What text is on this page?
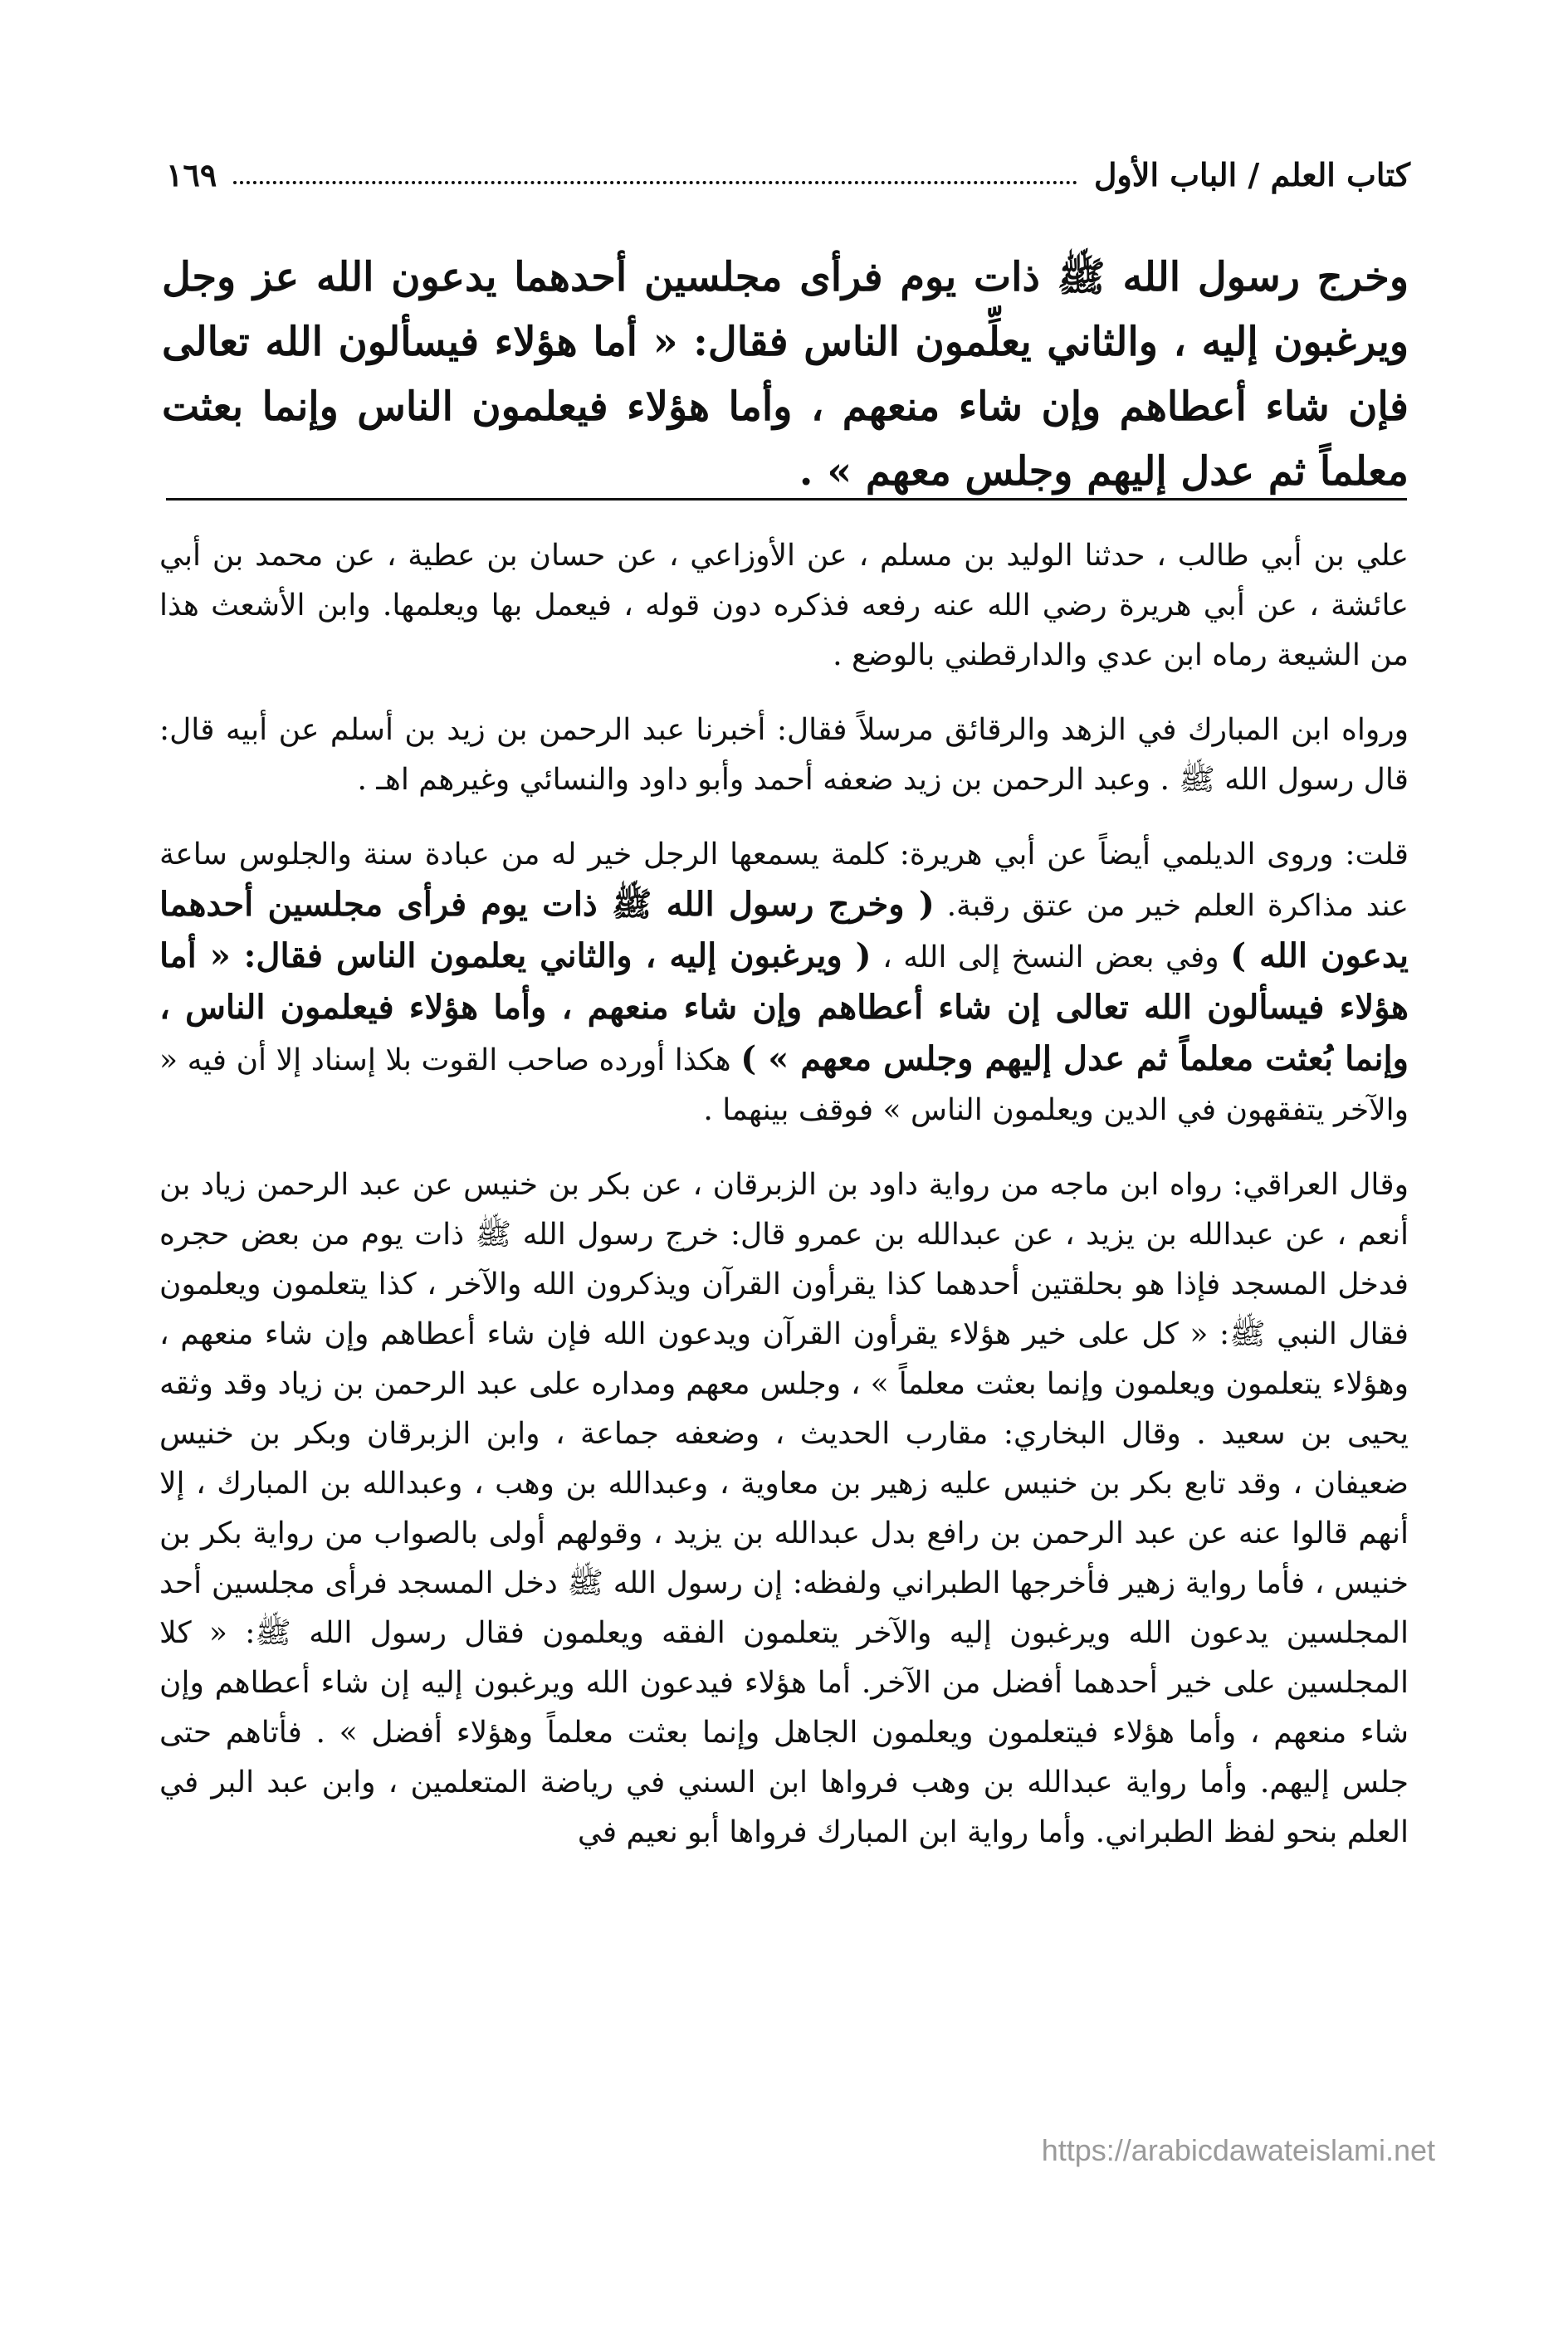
كتاب العلم / الباب الأول
١٦٩

وخرج رسول الله ﷺ ذات يوم فرأى مجلسين أحدهما يدعون الله عز وجل ويرغبون إليه ، والثاني يعلِّمون الناس فقال: « أما هؤلاء فيسألون الله تعالى فإن شاء أعطاهم وإن شاء منعهم ، وأما هؤلاء فيعلمون الناس وإنما بعثت معلماً ثم عدل إليهم وجلس معهم » .

علي بن أبي طالب ، حدثنا الوليد بن مسلم ، عن الأوزاعي ، عن حسان بن عطية ، عن محمد بن أبي عائشة ، عن أبي هريرة رضي الله عنه رفعه فذكره دون قوله ، فيعمل بها ويعلمها. وابن الأشعث هذا من الشيعة رماه ابن عدي والدارقطني بالوضع .

ورواه ابن المبارك في الزهد والرقائق مرسلاً فقال: أخبرنا عبد الرحمن بن زيد بن أسلم عن أبيه قال: قال رسول الله ﷺ . وعبد الرحمن بن زيد ضعفه أحمد وأبو داود والنسائي وغيرهم اهـ .

قلت: وروى الديلمي أيضاً عن أبي هريرة: كلمة يسمعها الرجل خير له من عبادة سنة والجلوس ساعة عند مذاكرة العلم خير من عتق رقبة. ( وخرج رسول الله ﷺ ذات يوم فرأى مجلسين أحدهما يدعون الله ) وفي بعض النسخ إلى الله ، ( ويرغبون إليه ، والثاني يعلمون الناس فقال: « أما هؤلاء فيسألون الله تعالى إن شاء أعطاهم وإن شاء منعهم ، وأما هؤلاء فيعلمون الناس ، وإنما بُعثت معلماً ثم عدل إليهم وجلس معهم » ) هكذا أورده صاحب القوت بلا إسناد إلا أن فيه « والآخر يتفقهون في الدين ويعلمون الناس » فوقف بينهما .

وقال العراقي: رواه ابن ماجه من رواية داود بن الزبرقان ، عن بكر بن خنيس عن عبد الرحمن زياد بن أنعم ، عن عبدالله بن يزيد ، عن عبدالله بن عمرو قال: خرج رسول الله ﷺ ذات يوم من بعض حجره فدخل المسجد فإذا هو بحلقتين أحدهما كذا يقرأون القرآن ويذكرون الله والآخر ، كذا يتعلمون ويعلمون فقال النبي ﷺ: « كل على خير هؤلاء يقرأون القرآن ويدعون الله فإن شاء أعطاهم وإن شاء منعهم ، وهؤلاء يتعلمون ويعلمون وإنما بعثت معلماً » ، وجلس معهم ومداره على عبد الرحمن بن زياد وقد وثقه يحيى بن سعيد . وقال البخاري: مقارب الحديث ، وضعفه جماعة ، وابن الزبرقان وبكر بن خنيس ضعيفان ، وقد تابع بكر بن خنيس عليه زهير بن معاوية ، وعبدالله بن وهب ، وعبدالله بن المبارك ، إلا أنهم قالوا عنه عن عبد الرحمن بن رافع بدل عبدالله بن يزيد ، وقولهم أولى بالصواب من رواية بكر بن خنيس ، فأما رواية زهير فأخرجها الطبراني ولفظه: إن رسول الله ﷺ دخل المسجد فرأى مجلسين أحد المجلسين يدعون الله ويرغبون إليه والآخر يتعلمون الفقه ويعلمون فقال رسول الله ﷺ: « كلا المجلسين على خير أحدهما أفضل من الآخر. أما هؤلاء فيدعون الله ويرغبون إليه إن شاء أعطاهم وإن شاء منعهم ، وأما هؤلاء فيتعلمون ويعلمون الجاهل وإنما بعثت معلماً وهؤلاء أفضل » . فأتاهم حتى جلس إليهم. وأما رواية عبدالله بن وهب فرواها ابن السني في رياضة المتعلمين ، وابن عبد البر في العلم بنحو لفظ الطبراني. وأما رواية ابن المبارك فرواها أبو نعيم في

https://arabicdawateislami.net
